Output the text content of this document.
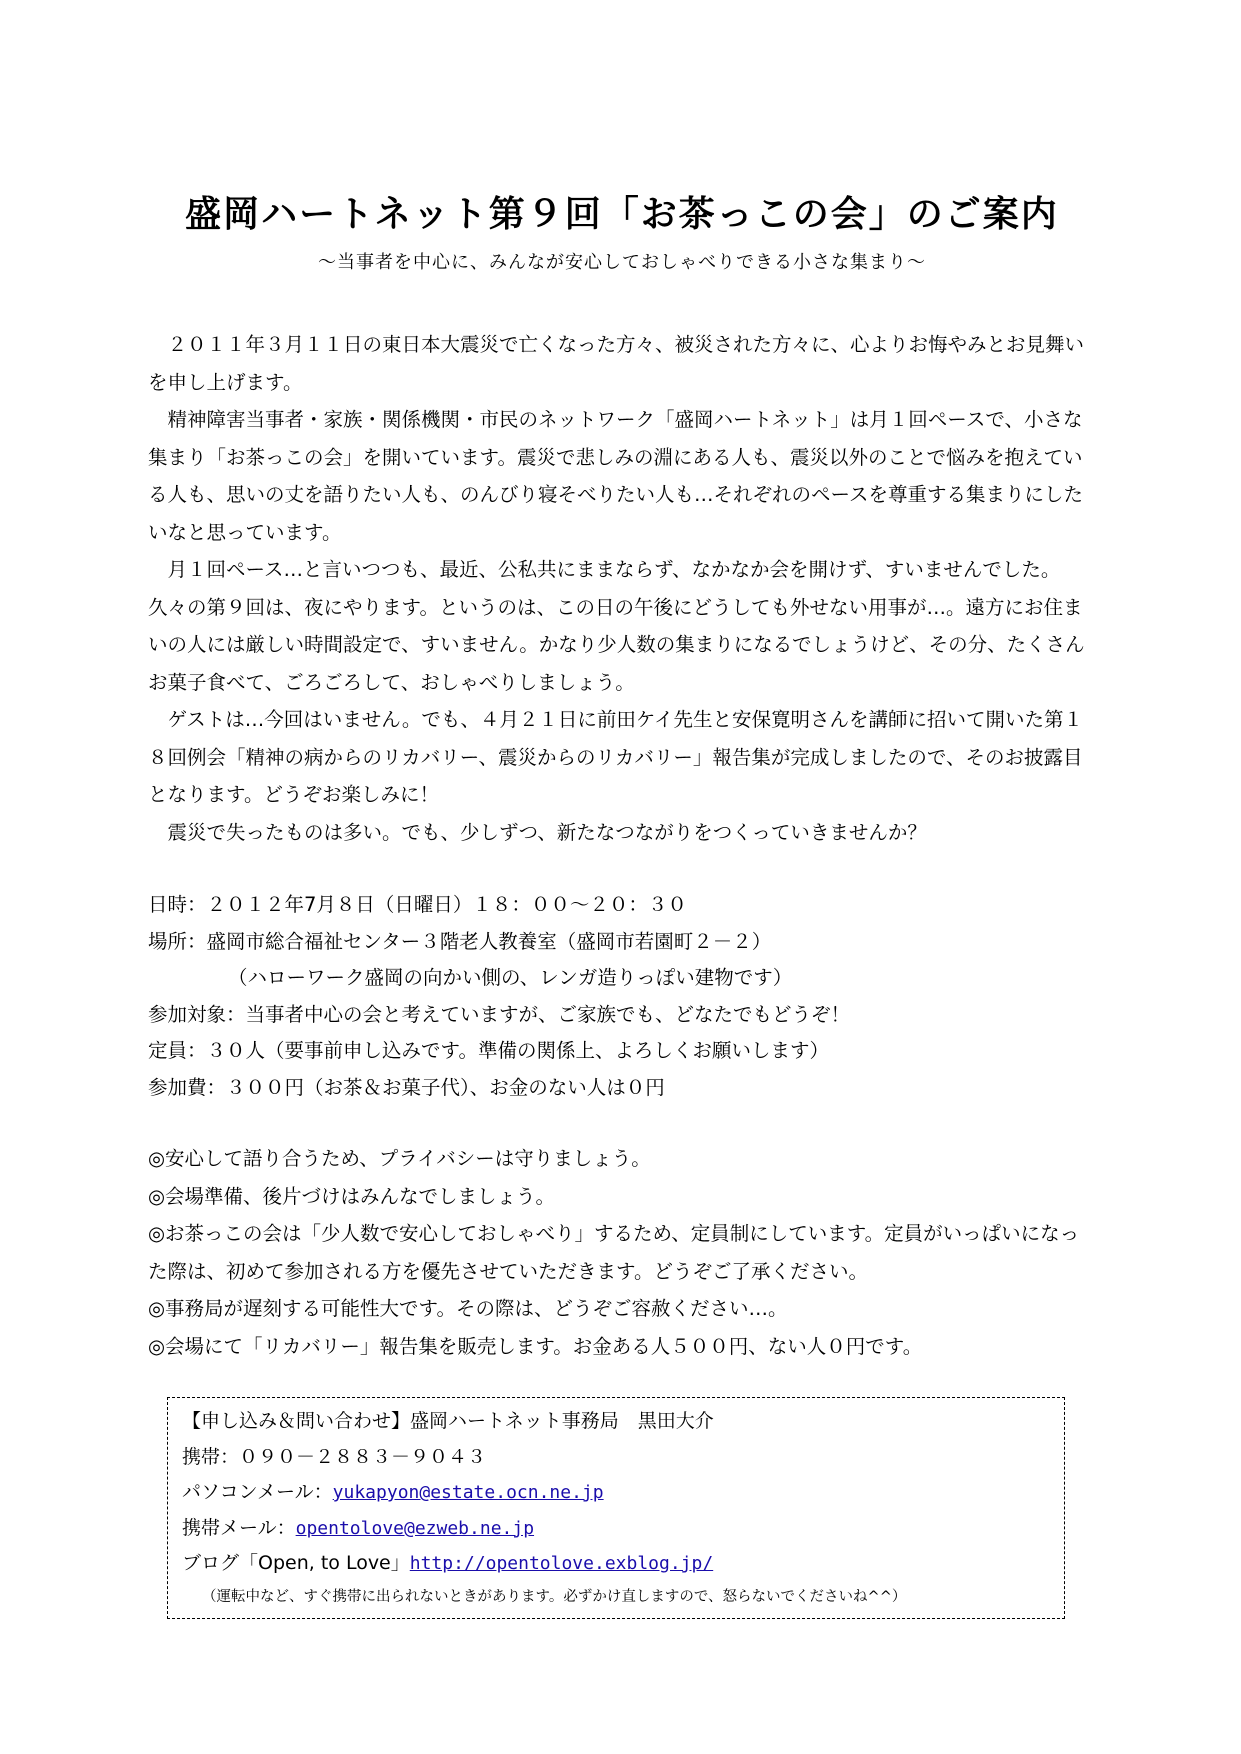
盛岡ハートネット第９回「お茶っこの会」のご案内

～当事者を中心に、みんなが安心しておしゃべりできる小さな集まり～

２０１１年３月１１日の東日本大震災で亡くなった方々、被災された方々に、心よりお悔やみとお見舞いを申し上げます。

精神障害当事者・家族・関係機関・市民のネットワーク「盛岡ハートネット」は月１回ペースで、小さな集まり「お茶っこの会」を開いています。震災で悲しみの淵にある人も、震災以外のことで悩みを抱えている人も、思いの丈を語りたい人も、のんびり寝そべりたい人も…それぞれのペースを尊重する集まりにしたいなと思っています。

月１回ペース…と言いつつも、最近、公私共にままならず、なかなか会を開けず、すいませんでした。久々の第９回は、夜にやります。というのは、この日の午後にどうしても外せない用事が…。遠方にお住まいの人には厳しい時間設定で、すいません。かなり少人数の集まりになるでしょうけど、その分、たくさんお菓子食べて、ごろごろして、おしゃべりしましょう。

ゲストは…今回はいません。でも、４月２１日に前田ケイ先生と安保寛明さんを講師に招いて開いた第１８回例会「精神の病からのリカバリー、震災からのリカバリー」報告集が完成しましたので、そのお披露目となります。どうぞお楽しみに！

震災で失ったものは多い。でも、少しずつ、新たなつながりをつくっていきませんか？

日時：２０１２年7月８日（日曜日）１８：００～２０：３０

場所：盛岡市総合福祉センター３階老人教養室（盛岡市若園町２－２）

（ハローワーク盛岡の向かい側の、レンガ造りっぽい建物です）

参加対象：当事者中心の会と考えていますが、ご家族でも、どなたでもどうぞ！

定員：３０人（要事前申し込みです。準備の関係上、よろしくお願いします）

参加費：３００円（お茶＆お菓子代）、お金のない人は０円

◎安心して語り合うため、プライバシーは守りましょう。

◎会場準備、後片づけはみんなでしましょう。

◎お茶っこの会は「少人数で安心しておしゃべり」するため、定員制にしています。定員がいっぱいになった際は、初めて参加される方を優先させていただきます。どうぞご了承ください。

◎事務局が遅刻する可能性大です。その際は、どうぞご容赦ください…。

◎会場にて「リカバリー」報告集を販売します。お金ある人５００円、ない人０円です。

【申し込み＆問い合わせ】盛岡ハートネット事務局　黒田大介

携帯：０９０－２８８３－９０４３

パソコンメール：yukapyon@estate.ocn.ne.jp

携帯メール：opentolove@ezweb.ne.jp

ブログ「Open, to Love」http://opentolove.exblog.jp/

（運転中など、すぐ携帯に出られないときがあります。必ずかけ直しますので、怒らないでくださいね^^）
